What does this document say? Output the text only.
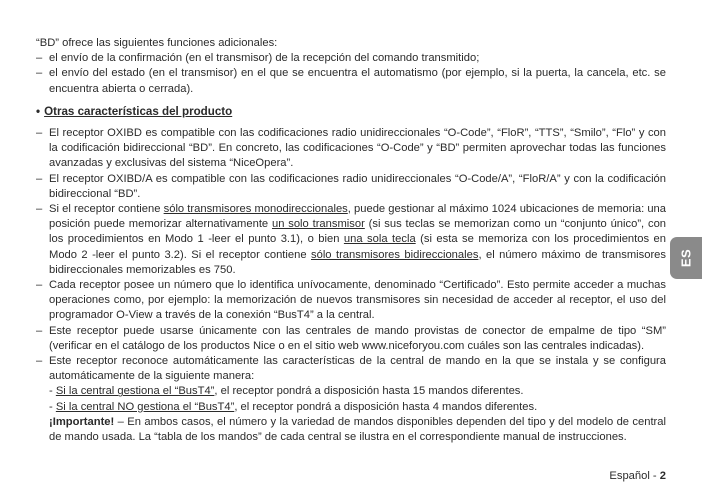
“BD” ofrece las siguientes funciones adicionales:

– el envío de la confirmación (en el transmisor) de la recepción del comando transmitido;
– el envío del estado (en el transmisor) en el que se encuentra el automatismo (por ejemplo, si la puerta, la cancela, etc. se encuentra abierta o cerrada).
• Otras características del producto
– El receptor OXIBD es compatible con las codificaciones radio unidireccionales “O-Code”, “FloR”, “TTS”, “Smilo”, “Flo” y con la codificación bidireccional “BD”. En concreto, las codificaciones “O-Code” y “BD” permiten aprovechar todas las funciones avanzadas y exclusivas del sistema “NiceOpera”.
– El receptor OXIBD/A es compatible con las codificaciones radio unidireccionales “O-Code/A”, “FloR/A” y con la codificación bidireccional “BD”.
– Si el receptor contiene sólo transmisores monodireccionales, puede gestionar al máximo 1024 ubicaciones de memoria: una posición puede memorizar alternativamente un solo transmisor (si sus teclas se memorizan como un “conjunto único”, con los procedimientos en Modo 1 -leer el punto 3.1), o bien una sola tecla (si esta se memoriza con los procedimientos en Modo 2 -leer el punto 3.2). Si el receptor contiene sólo transmisores bidireccionales, el número máximo de transmisores bidireccionales memorizables es 750.
– Cada receptor posee un número que lo identifica unívocamente, denominado “Certificado”. Esto permite acceder a muchas operaciones como, por ejemplo: la memorización de nuevos transmisores sin necesidad de acceder al receptor, el uso del programador O-View a través de la conexión “BusT4” a la central.
– Este receptor puede usarse únicamente con las centrales de mando provistas de conector de empalme de tipo “SM” (verificar en el catálogo de los productos Nice o en el sitio web www.niceforyou.com cuáles son las centrales indicadas).
– Este receptor reconoce automáticamente las características de la central de mando en la que se instala y se configura automáticamente de la siguiente manera:
- Si la central gestiona el “BusT4”, el receptor pondrá a disposición hasta 15 mandos diferentes.
- Si la central NO gestiona el “BusT4”, el receptor pondrá a disposición hasta 4 mandos diferentes.
¡Importante! – En ambos casos, el número y la variedad de mandos disponibles dependen del tipo y del modelo de central de mando usada. La “tabla de los mandos” de cada central se ilustra en el correspondiente manual de instrucciones.
ES
Español - 2
